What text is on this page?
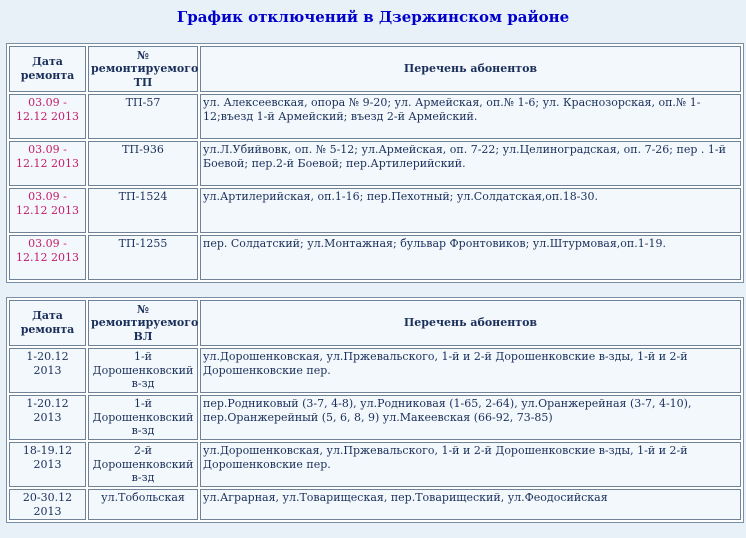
График отключений в Дзержинском районе
Дата ремонта	№ ремонтируемого ТП	Перечень абонентов
03.09 - 12.12 2013	ТП-57	ул. Алексеевская, опора № 9-20; ул. Армейская, оп.№ 1-6; ул. Краснозорская, оп.№ 1-12;въезд 1-й Армейский; въезд 2-й Армейский.
03.09 - 12.12 2013	ТП-936	ул.Л.Убийвовк, оп. № 5-12; ул.Армейская, оп. 7-22; ул.Целиноградская, оп. 7-26; пер . 1-й Боевой; пер.2-й Боевой; пер.Артилерийский.
03.09 - 12.12 2013	ТП-1524	ул.Артилерийская, оп.1-16; пер.Пехотный; ул.Солдатская,оп.18-30.
03.09 - 12.12 2013	ТП-1255	пер. Солдатский; ул.Монтажная; бульвар Фронтовиков; ул.Штурмовая,оп.1-19.
Дата ремонта	№ ремонтируемого ВЛ	Перечень абонентов
1-20.12 2013	1-й Дорошенковский в-зд	ул.Дорошенковская, ул.Пржевальского, 1-й и 2-й Дорошенковские в-зды, 1-й и 2-й Дорошенковские пер.
1-20.12 2013	1-й Дорошенковский в-зд	пер.Родниковый (3-7, 4-8), ул.Родниковая (1-65, 2-64), ул.Оранжерейная (3-7, 4-10), пер.Оранжерейный (5, 6, 8, 9) ул.Макеевская (66-92, 73-85)
18-19.12 2013	2-й Дорошенковский в-зд	ул.Дорошенковская, ул.Пржевальского, 1-й и 2-й Дорошенковские в-зды, 1-й и 2-й Дорошенковские пер.
20-30.12 2013	ул.Тобольская	ул.Аграрная, ул.Товарищеская, пер.Товарищеский, ул.Феодосийская
